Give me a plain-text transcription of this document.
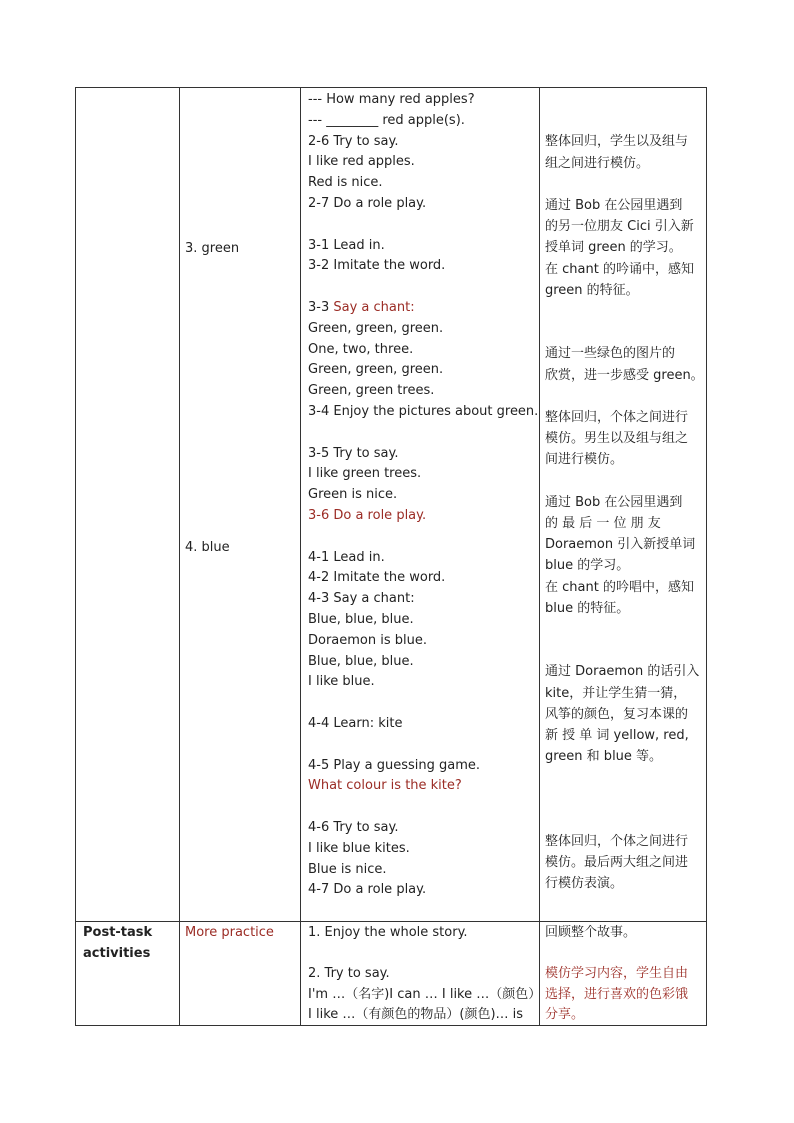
3. green
4. blue
--- How many red apples?
--- ________ red apple(s).
2-6 Try to say.
I like red apples.
Red is nice.
2-7 Do a role play.
3-1 Lead in.
3-2 Imitate the word.
3-3 Say a chant:
Green, green, green.
One, two, three.
Green, green, green.
Green, green trees.
3-4 Enjoy the pictures about green.
3-5 Try to say.
I like green trees.
Green is nice.
3-6 Do a role play.
4-1 Lead in.
4-2 Imitate the word.
4-3 Say a chant:
Blue, blue, blue.
Doraemon is blue.
Blue, blue, blue.
I like blue.
4-4 Learn: kite
4-5 Play a guessing game.
What colour is the kite?
4-6 Try to say.
I like blue kites.
Blue is nice.
4-7 Do a role play.
整体回归，学生以及组与
组之间进行模仿。
通过 Bob 在公园里遇到
的另一位朋友 Cici 引入新
授单词 green 的学习。
在 chant 的吟诵中，感知
green 的特征。
通过一些绿色的图片的
欣赏，进一步感受 green。
整体回归，个体之间进行
模仿。男生以及组与组之
间进行模仿。
通过 Bob 在公园里遇到
的 最 后 一 位 朋 友
Doraemon 引入新授单词
blue 的学习。
在 chant 的吟唱中，感知
blue 的特征。
通过 Doraemon 的话引入
kite，并让学生猜一猜，
风筝的颜色，复习本课的
新 授 单 词 yellow, red,
green 和 blue 等。
整体回归，个体之间进行
模仿。最后两大组之间进
行模仿表演。
Post-task
activities
More practice	1. Enjoy the whole story.
2. Try to say.
I'm …（名字)I can … I like …（颜色）
I like …（有颜色的物品）(颜色)… is
回顾整个故事。
模仿学习内容，学生自由
选择，进行喜欢的色彩饿
分享。
